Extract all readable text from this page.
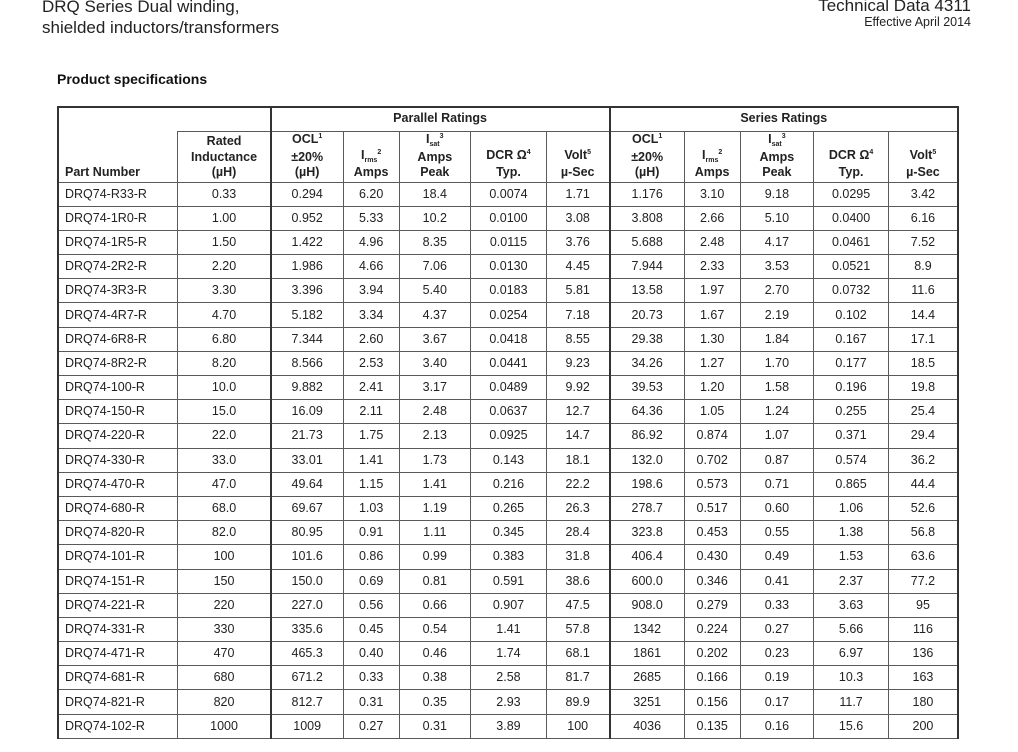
DRQ Series Dual winding,
shielded inductors/transformers
Technical Data 4311
Effective April 2014
Product specifications
		Parallel Ratings					Series Ratings				

Part Number	Rated
Inductance
(µH)	$OCL^1$
±20%
(µH)	$I_{rms}^2$
Amps	$I_{sat}^3$
Amps
Peak	DCR $\Omega^4$
Typ.	Volt$^5$
µ-Sec	$OCL^1$
±20%
(µH)	$I_{rms}^2$
Amps	$I_{sat}^3$
Amps
Peak	DCR $\Omega^4$
Typ.	Volt$^5$
µ-Sec

DRQ74-R33-R	0.33	0.294	6.20	18.4	0.0074	1.71	1.176	3.10	9.18	0.0295	3.42
DRQ74-1R0-R	1.00	0.952	5.33	10.2	0.0100	3.08	3.808	2.66	5.10	0.0400	6.16
DRQ74-1R5-R	1.50	1.422	4.96	8.35	0.0115	3.76	5.688	2.48	4.17	0.0461	7.52
DRQ74-2R2-R	2.20	1.986	4.66	7.06	0.0130	4.45	7.944	2.33	3.53	0.0521	8.9
DRQ74-3R3-R	3.30	3.396	3.94	5.40	0.0183	5.81	13.58	1.97	2.70	0.0732	11.6
DRQ74-4R7-R	4.70	5.182	3.34	4.37	0.0254	7.18	20.73	1.67	2.19	0.102	14.4
DRQ74-6R8-R	6.80	7.344	2.60	3.67	0.0418	8.55	29.38	1.30	1.84	0.167	17.1
DRQ74-8R2-R	8.20	8.566	2.53	3.40	0.0441	9.23	34.26	1.27	1.70	0.177	18.5
DRQ74-100-R	10.0	9.882	2.41	3.17	0.0489	9.92	39.53	1.20	1.58	0.196	19.8
DRQ74-150-R	15.0	16.09	2.11	2.48	0.0637	12.7	64.36	1.05	1.24	0.255	25.4
DRQ74-220-R	22.0	21.73	1.75	2.13	0.0925	14.7	86.92	0.874	1.07	0.371	29.4
DRQ74-330-R	33.0	33.01	1.41	1.73	0.143	18.1	132.0	0.702	0.87	0.574	36.2
DRQ74-470-R	47.0	49.64	1.15	1.41	0.216	22.2	198.6	0.573	0.71	0.865	44.4
DRQ74-680-R	68.0	69.67	1.03	1.19	0.265	26.3	278.7	0.517	0.60	1.06	52.6
DRQ74-820-R	82.0	80.95	0.91	1.11	0.345	28.4	323.8	0.453	0.55	1.38	56.8
DRQ74-101-R	100	101.6	0.86	0.99	0.383	31.8	406.4	0.430	0.49	1.53	63.6
DRQ74-151-R	150	150.0	0.69	0.81	0.591	38.6	600.0	0.346	0.41	2.37	77.2
DRQ74-221-R	220	227.0	0.56	0.66	0.907	47.5	908.0	0.279	0.33	3.63	95
DRQ74-331-R	330	335.6	0.45	0.54	1.41	57.8	1342	0.224	0.27	5.66	116
DRQ74-471-R	470	465.3	0.40	0.46	1.74	68.1	1861	0.202	0.23	6.97	136
DRQ74-681-R	680	671.2	0.33	0.38	2.58	81.7	2685	0.166	0.19	10.3	163
DRQ74-821-R	820	812.7	0.31	0.35	2.93	89.9	3251	0.156	0.17	11.7	180
DRQ74-102-R	1000	1009	0.27	0.31	3.89	100	4036	0.135	0.16	15.6	200
